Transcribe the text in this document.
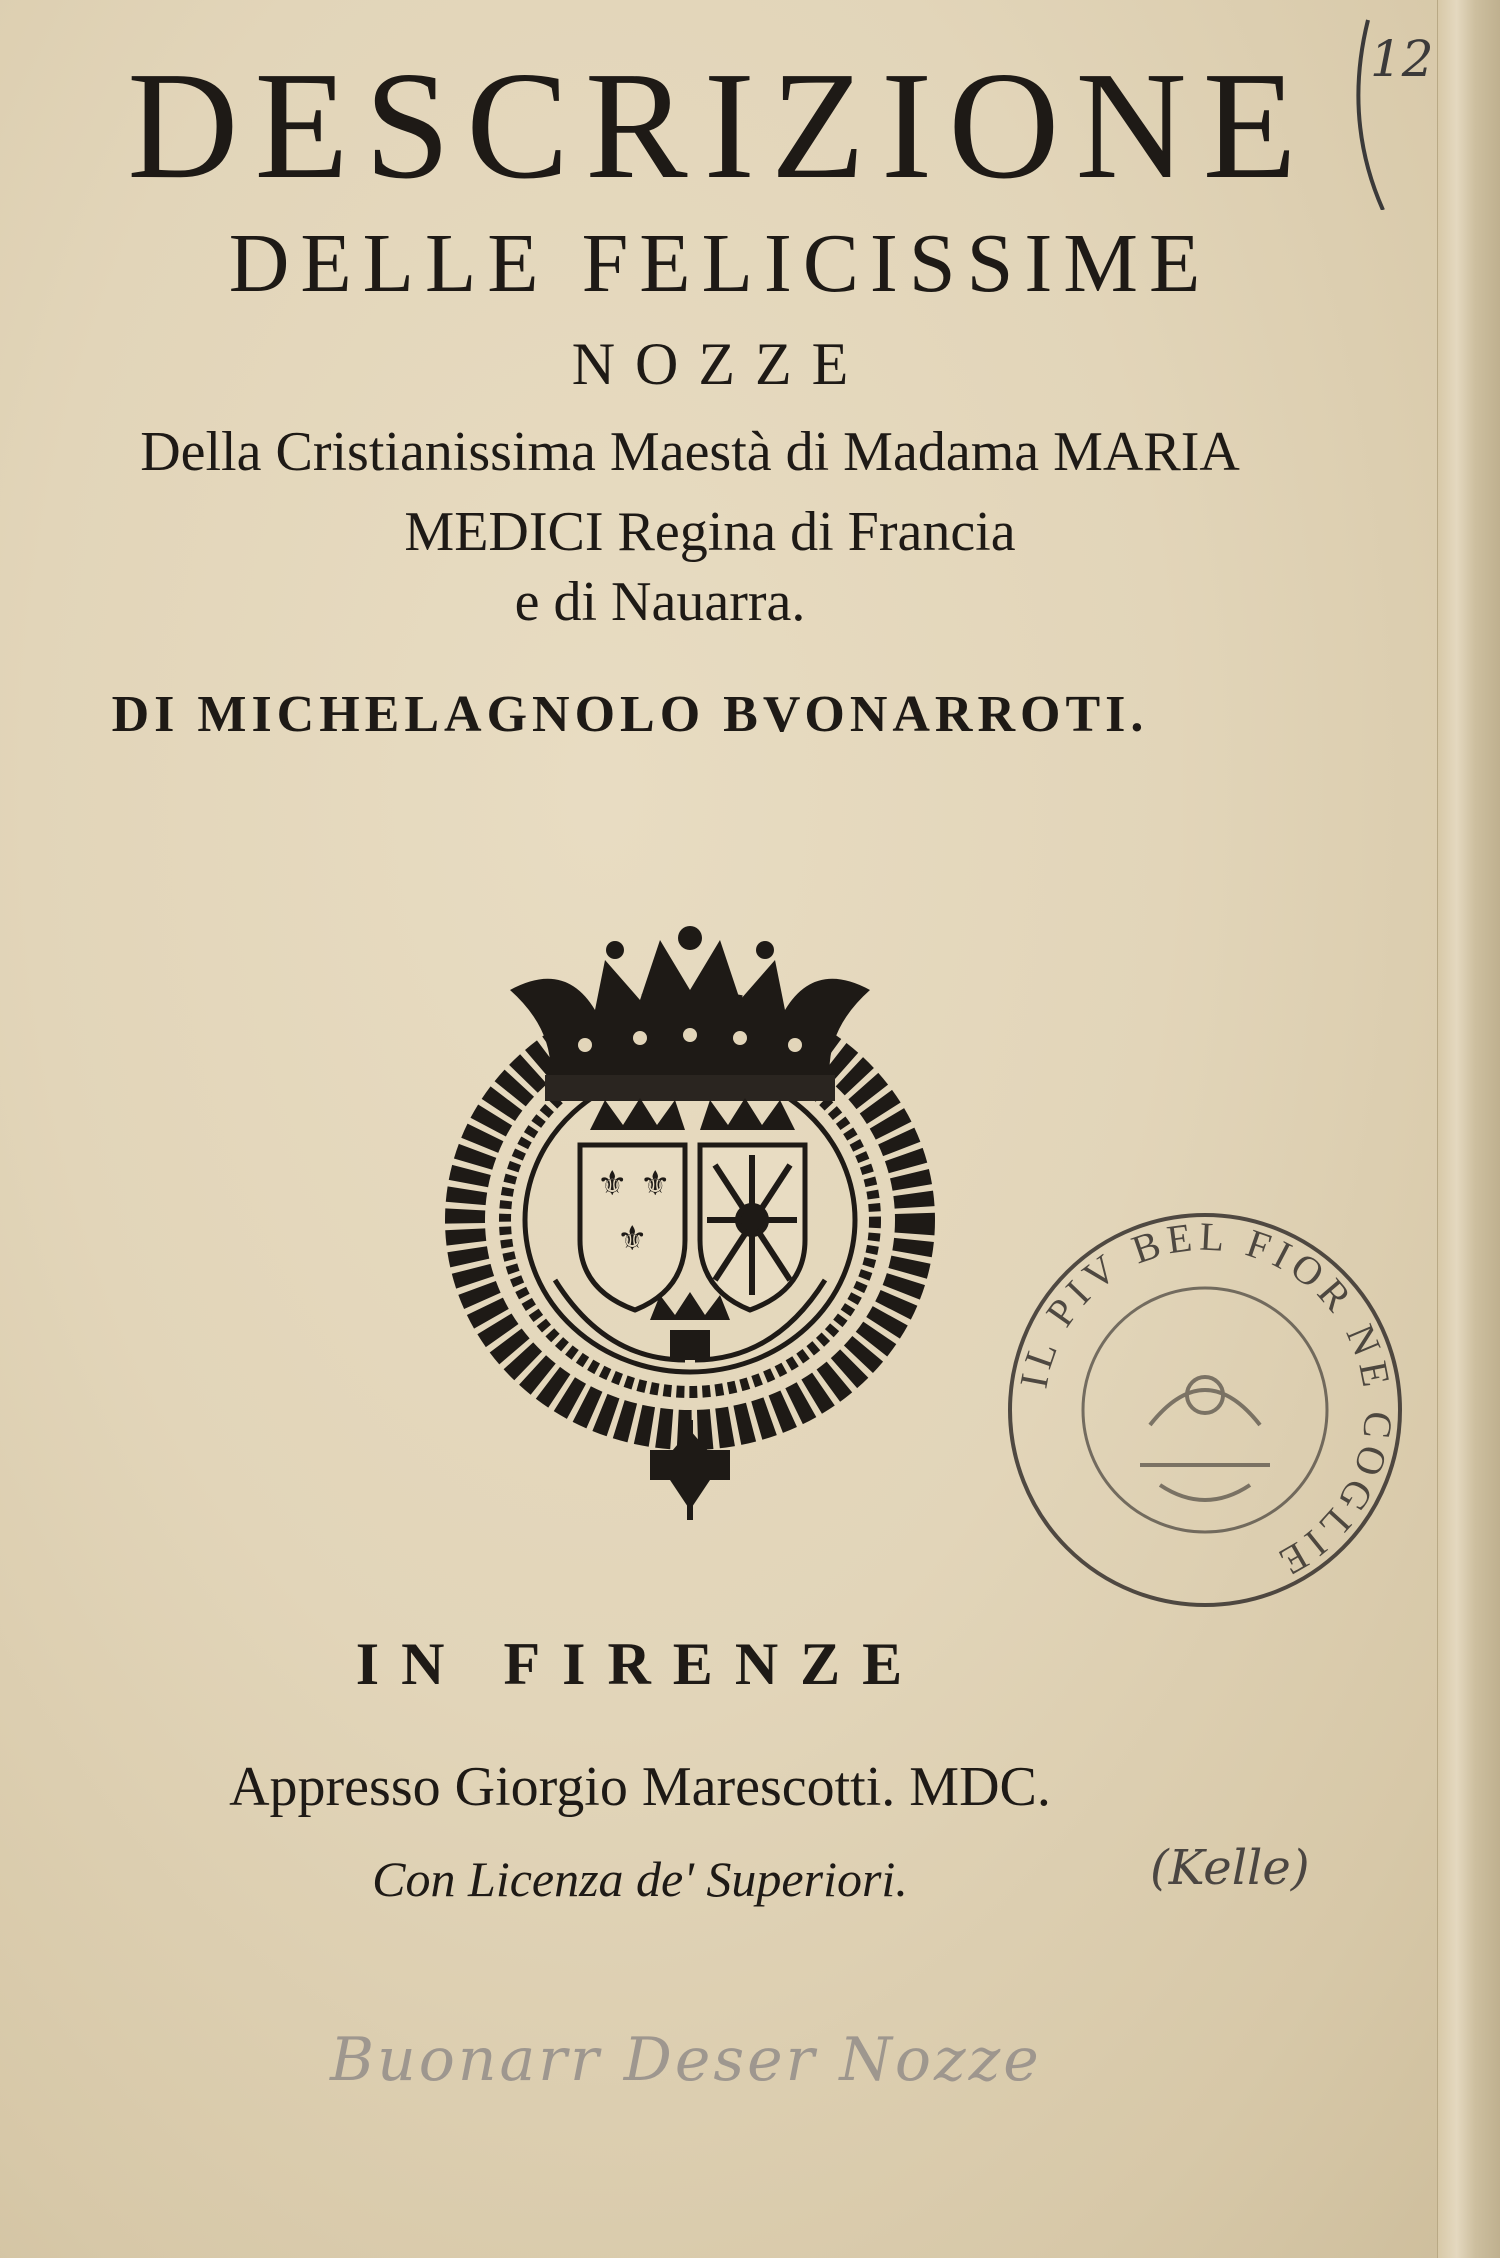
DESCRIZIONE
DELLE FELICISSIME
NOZZE
Della Cristianissima Maestà di Madama MARIA
MEDICI Regina di Francia
e di Nauarra.
DI MICHELAGNOLO BVONARROTI.
⚜ ⚜
⚜
IL PIV BEL FIOR NE COGLIE
IN FIRENZE
Appresso Giorgio Marescotti. MDC.
Con Licenza de' Superiori.
12
(Kelle)
Buonarr Deser Nozze
